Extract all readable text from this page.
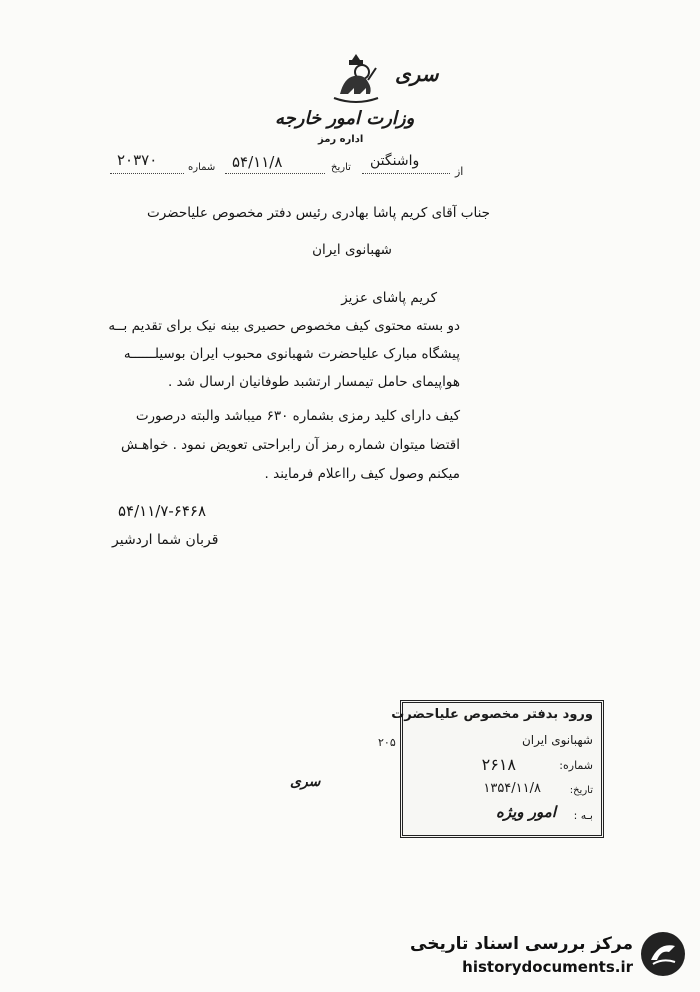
سری
وزارت امور خارجه
اداره رمز
از
واشنگتن
تاریخ
۵۴/۱۱/۸
شماره
۲۰۳۷۰
جناب آقای کریم پاشا بهادری رئیس دفتر مخصوص علیاحضرت
شهبانوی ایران
کریم پاشای عزیز
دو بسته محتوی کیف مخصوص حصیری بینه نیک برای تقدیم بــه
پیشگاه مبارک علیاحضرت شهبانوی محبوب ایران بوسیلــــــه
هواپیمای حامل تیمسار ارتشبد طوفانیان ارسال شد .
کیف دارای کلید رمزی بشماره ۶۳۰ میباشد والبته درصورت
اقتضا میتوان شماره رمز آن رابراحتی تعویض نمود . خواهـش
میکنم وصول کیف رااعلام فرمایند .
۵۴/۱۱/۷-۶۴۶۸
قربان شما اردشیر
۲۰۵
ورود بدفتر مخصوص علیاحضرت
شهبانوی ایران
شماره:
۲۶۱۸
تاریخ:
۱۳۵۴/۱۱/۸
بـه :
امور ویژه
سری
مرکز بررسی اسناد تاریخی
historydocuments.ir
